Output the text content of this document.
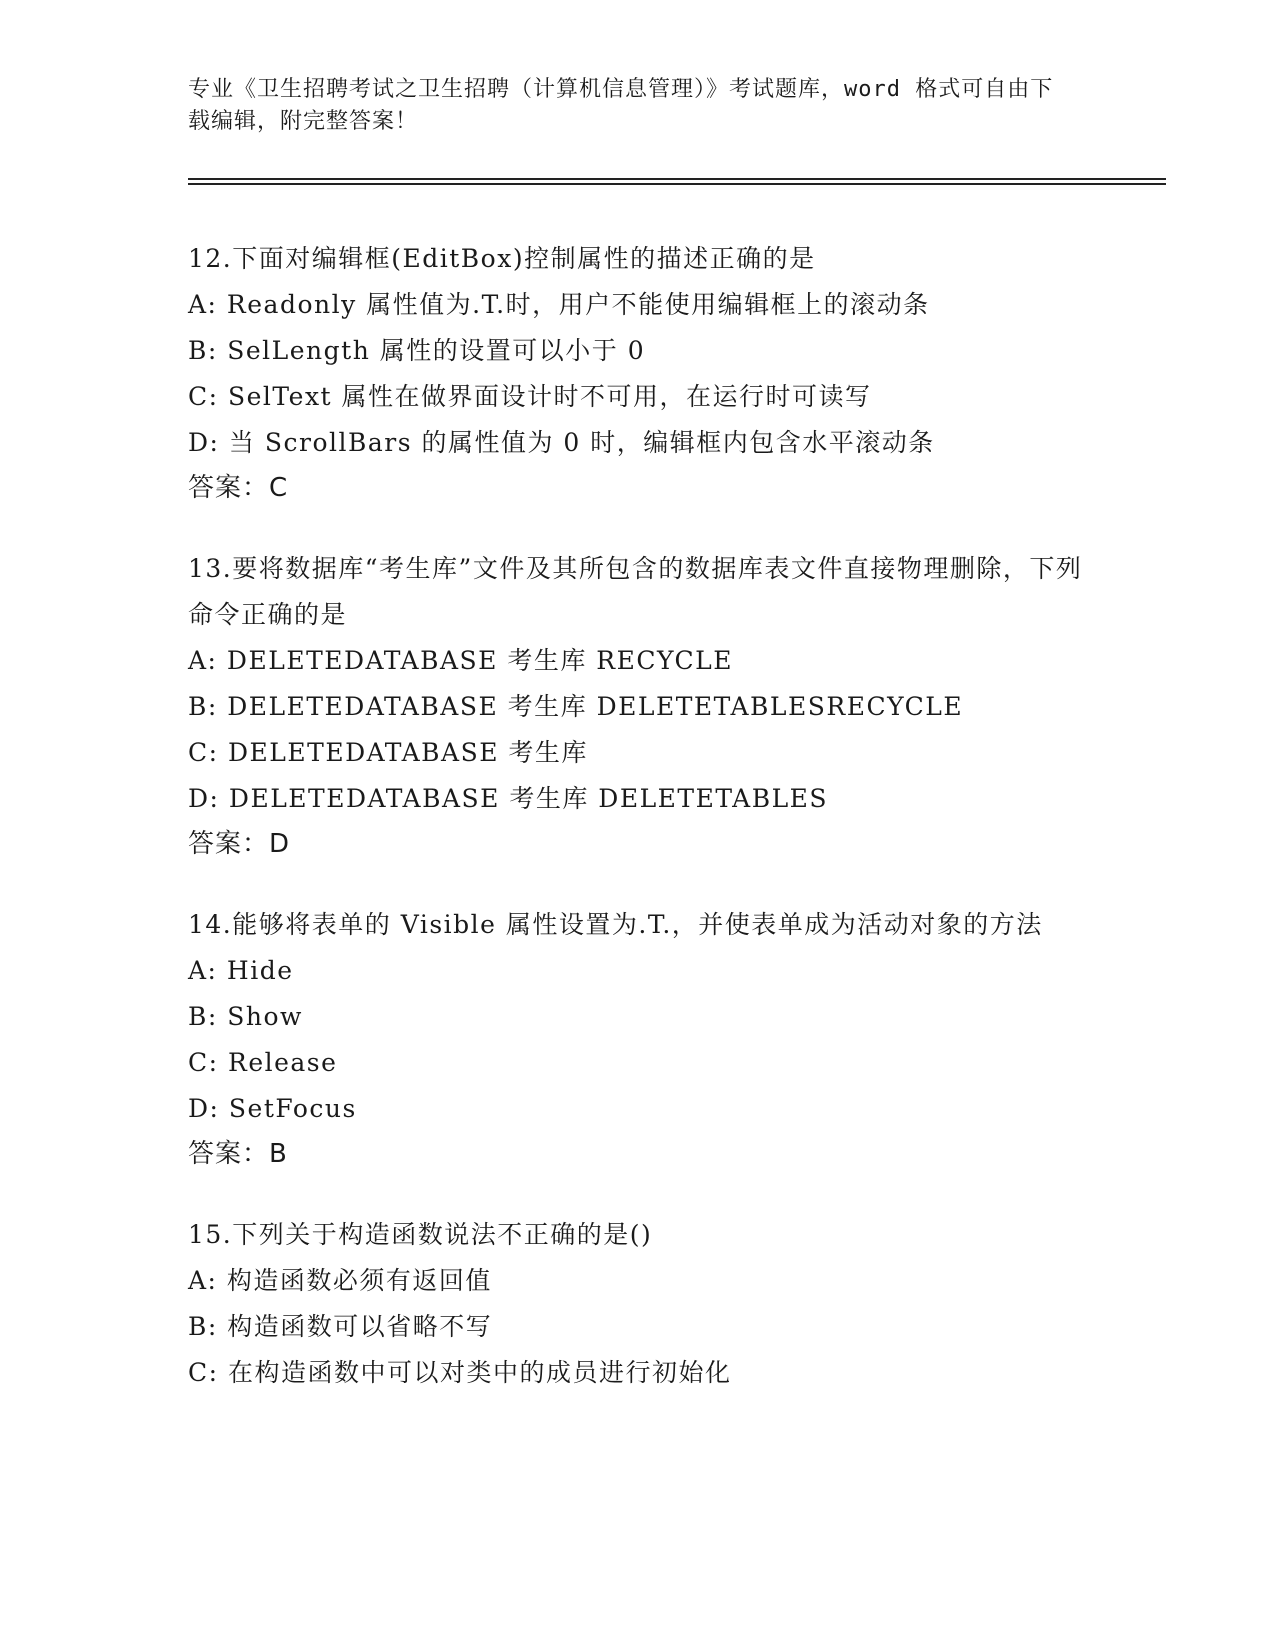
专业《卫生招聘考试之卫生招聘（计算机信息管理）》考试题库，word 格式可自由下载编辑，附完整答案！
12.下面对编辑框(EditBox)控制属性的描述正确的是
A: Readonly 属性值为.T.时，用户不能使用编辑框上的滚动条
B: SelLength 属性的设置可以小于 0
C: SelText 属性在做界面设计时不可用，在运行时可读写
D: 当 ScrollBars 的属性值为 0 时，编辑框内包含水平滚动条
答案：C
13.要将数据库“考生库”文件及其所包含的数据库表文件直接物理删除，下列命令正确的是
A: DELETEDATABASE 考生库 RECYCLE
B: DELETEDATABASE 考生库 DELETETABLESRECYCLE
C: DELETEDATABASE 考生库
D: DELETEDATABASE 考生库 DELETETABLES
答案：D
14.能够将表单的 Visible 属性设置为.T.，并使表单成为活动对象的方法
A: Hide
B: Show
C: Release
D: SetFocus
答案：B
15.下列关于构造函数说法不正确的是()
A: 构造函数必须有返回值
B: 构造函数可以省略不写
C: 在构造函数中可以对类中的成员进行初始化
